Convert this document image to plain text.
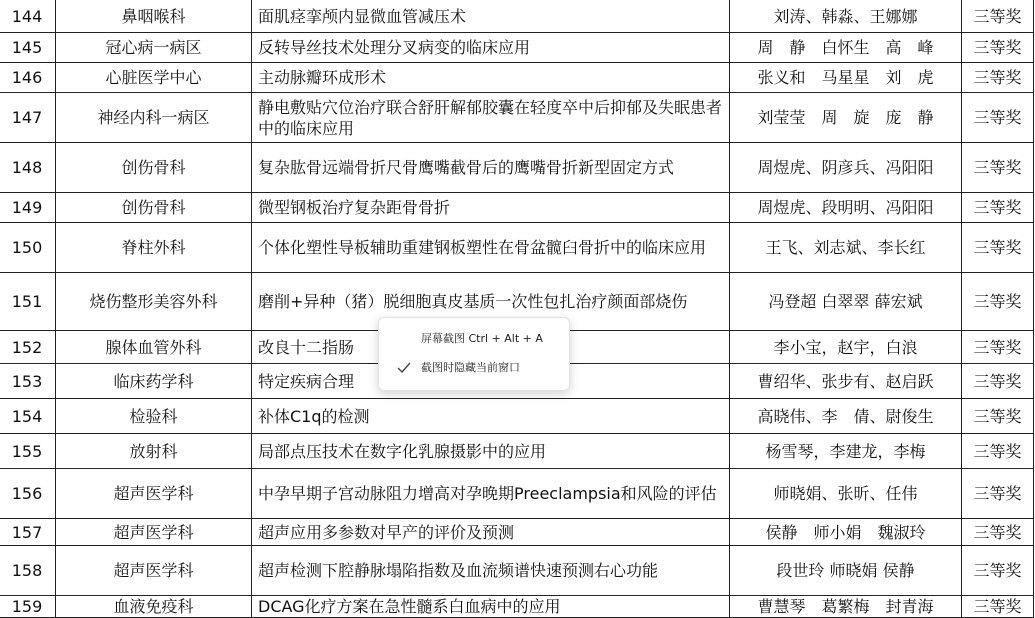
144	鼻咽喉科	面肌痉挛颅内显微血管减压术	刘涛、韩淼、王娜娜	三等奖
145	冠心病一病区	反转导丝技术处理分叉病变的临床应用	周　静　白怀生　高　峰	三等奖
146	心脏医学中心	主动脉瓣环成形术	张义和　马星星　刘　虎	三等奖
147	神经内科一病区	静电敷贴穴位治疗联合舒肝解郁胶囊在轻度卒中后抑郁及失眠患者中的临床应用	刘莹莹　周　旋　庞　静	三等奖
148	创伤骨科	复杂肱骨远端骨折尺骨鹰嘴截骨后的鹰嘴骨折新型固定方式	周煜虎、阴彦兵、冯阳阳	三等奖
149	创伤骨科	微型钢板治疗复杂距骨骨折	周煜虎、段明明、冯阳阳	三等奖
150	脊柱外科	个体化塑性导板辅助重建钢板塑性在骨盆髋臼骨折中的临床应用	王飞、刘志斌、李长红	三等奖
151	烧伤整形美容外科	磨削+异种（猪）脱细胞真皮基质一次性包扎治疗颜面部烧伤	冯登超 白翠翠 薛宏斌	三等奖
152	腺体血管外科	改良十二指肠	李小宝，赵宇，白浪	三等奖
153	临床药学科	特定疾病合理	曹绍华、张步有、赵启跃	三等奖
154	检验科	补体C1q的检测	高晓伟、李　倩、尉俊生	三等奖
155	放射科	局部点压技术在数字化乳腺摄影中的应用	杨雪琴，李建龙，李梅	三等奖
156	超声医学科	中孕早期子宫动脉阻力增高对孕晚期Preeclampsia和风险的评估	师晓娟、张昕、任伟	三等奖
157	超声医学科	超声应用多参数对早产的评价及预测	侯静　师小娟　魏淑玲	三等奖
158	超声医学科	超声检测下腔静脉塌陷指数及血流频谱快速预测右心功能	段世玲 师晓娟 侯静	三等奖
159	血液免疫科	DCAG化疗方案在急性髓系白血病中的应用	曹慧琴　葛繁梅　封青海	三等奖
屏幕截图 Ctrl + Alt + A
截图时隐藏当前窗口
